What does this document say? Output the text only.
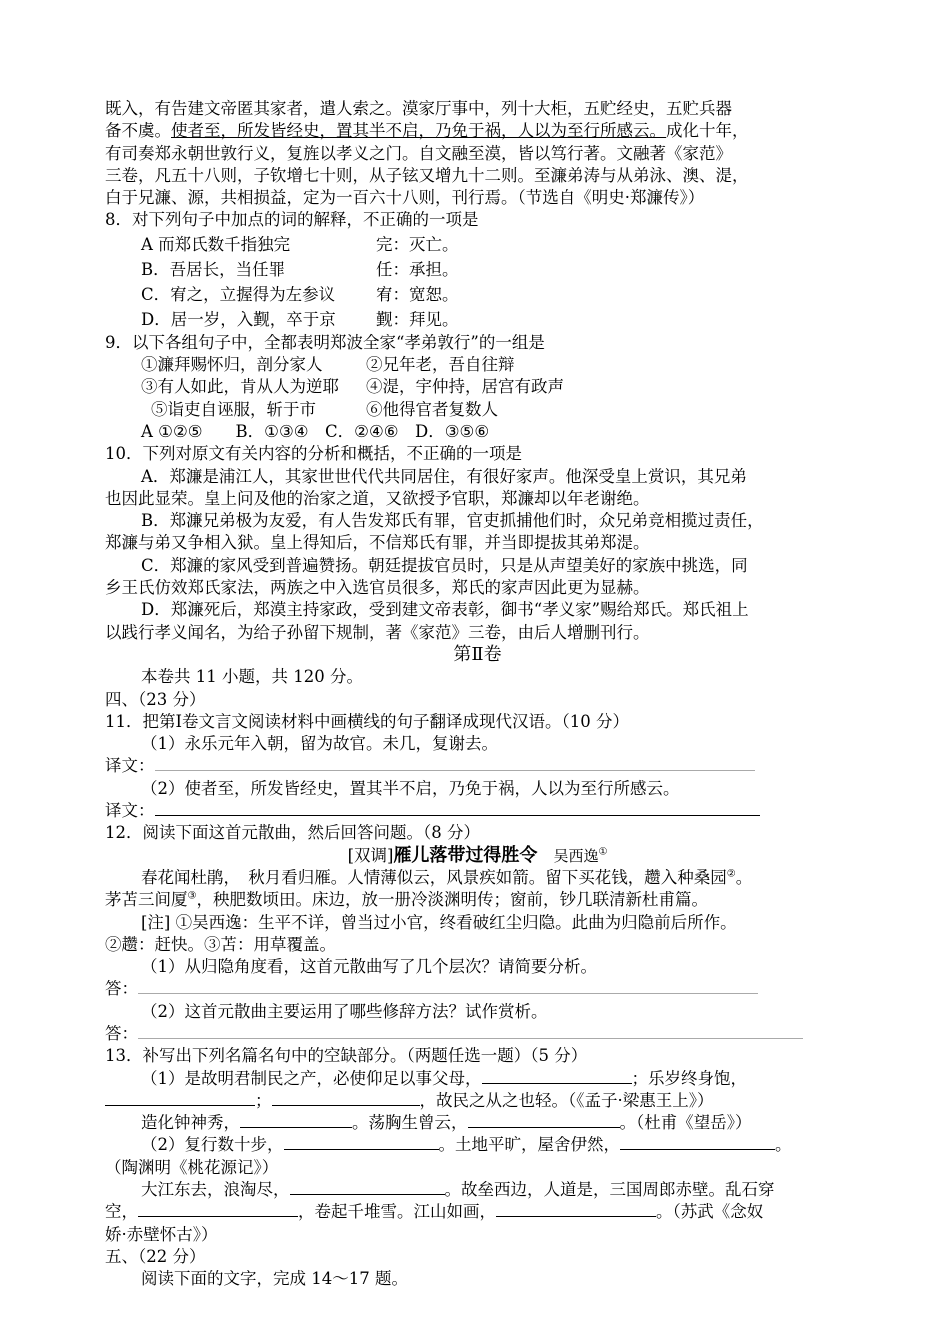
既入，有告建文帝匿其家者，遣人索之。漠家厅事中，列十大柜，五贮经史，五贮兵器
备不虞。使者至，所发皆经史，置其半不启，乃免于祸，人以为至行所感云。成化十年，
有司奏郑永朝世敦行义，复旌以孝义之门。自文融至漠，皆以笃行著。文融著《家范》
三卷，凡五十八则，子钦增七十则，从子铉又增九十二则。至濂弟涛与从弟泳、澳、湜，
白于兄濂、源，共相损益，定为一百六十八则，刊行焉。（节选自《明史·郑濂传》）
8．对下列句子中加点的词的解释，不正确的一项是
A 而郑氏数千指独完	完：灭亡。
B．吾居长，当任罪	任：承担。
C．宥之，立握得为左参议 宥：宽恕。
D．居一岁，入觐，卒于京 觐：拜见。
9．以下各组句子中，全都表明郑波全家“孝弟敦行”的一组是
①濂拜赐怀归，剖分家人	②兄年老，吾自往辩
③有人如此，肯从人为逆耶 ④湜，宇仲持，居宫有政声
⑤诣吏自诬服，斩于市	⑥他得官者复数人
A ①②⑤　　B．①③④　C．②④⑥　D．③⑤⑥
10．下列对原文有关内容的分析和概括，不正确的一项是
A．郑濂是浦江人，其家世世代代共同居住，有很好家声。他深受皇上赏识，其兄弟
也因此显荣。皇上问及他的治家之道，又欲授予官职，郑濂却以年老谢绝。
B．郑濂兄弟极为友爱，有人告发郑氏有罪，官吏抓捕他们时，众兄弟竞相揽过责任，
郑濂与弟又争相入狱。皇上得知后，不信郑氏有罪，并当即提拔其弟郑湜。
C．郑濂的家风受到普遍赞扬。朝廷提拔官员时，只是从声望美好的家族中挑选，同
乡王氏仿效郑氏家法，两族之中入选官员很多，郑氏的家声因此更为显赫。
D．郑濂死后，郑漠主持家政，受到建文帝表彰，御书“孝义家”赐给郑氏。郑氏祖上
以践行孝义闻名，为给子孙留下规制，著《家范》三卷，由后人增删刊行。
第Ⅱ卷
本卷共 11 小题，共 120 分。
四、（23 分）
11．把第Ⅰ卷文言文阅读材料中画横线的句子翻译成现代汉语。（10 分）
（1）永乐元年入朝，留为故官。未几，复谢去。
译文：
（2）使者至，所发皆经史，置其半不启，乃免于祸，人以为至行所感云。
译文：
12．阅读下面这首元散曲，然后回答问题。（8 分）
[双调]雁儿落带过得胜令 吴西逸①
春花闻杜鹃，　秋月看归雁。人情薄似云，风景疾如箭。留下买花钱，趱入种桑园②。
茅苫三间厦③，秧肥数顷田。床边，放一册冷淡渊明传；窗前，钞几联清新杜甫篇。
[注] ①吴西逸：生平不详，曾当过小官，终看破红尘归隐。此曲为归隐前后所作。
②趱：赶快。③苫：用草覆盖。
（1）从归隐角度看，这首元散曲写了几个层次？请简要分析。
答：
（2）这首元散曲主要运用了哪些修辞方法？试作赏析。
答：
13．补写出下列名篇名句中的空缺部分。（两题任选一题）（5 分）
（1）是故明君制民之产，必使仰足以事父母，	；乐岁终身饱，
；	，故民之从之也轻。（《孟子·梁惠王上》）
造化钟神秀，	。荡胸生曾云，	。（杜甫《望岳》）
（2）复行数十步，	。土地平旷，屋舍伊然，	。
（陶渊明《桃花源记》）
大江东去，浪淘尽，	。故垒西边，人道是，三国周郎赤壁。乱石穿
空，	，卷起千堆雪。江山如画，	。（苏武《念奴
娇·赤壁怀古》）
五、（22 分）
阅读下面的文字，完成 14～17 题。
